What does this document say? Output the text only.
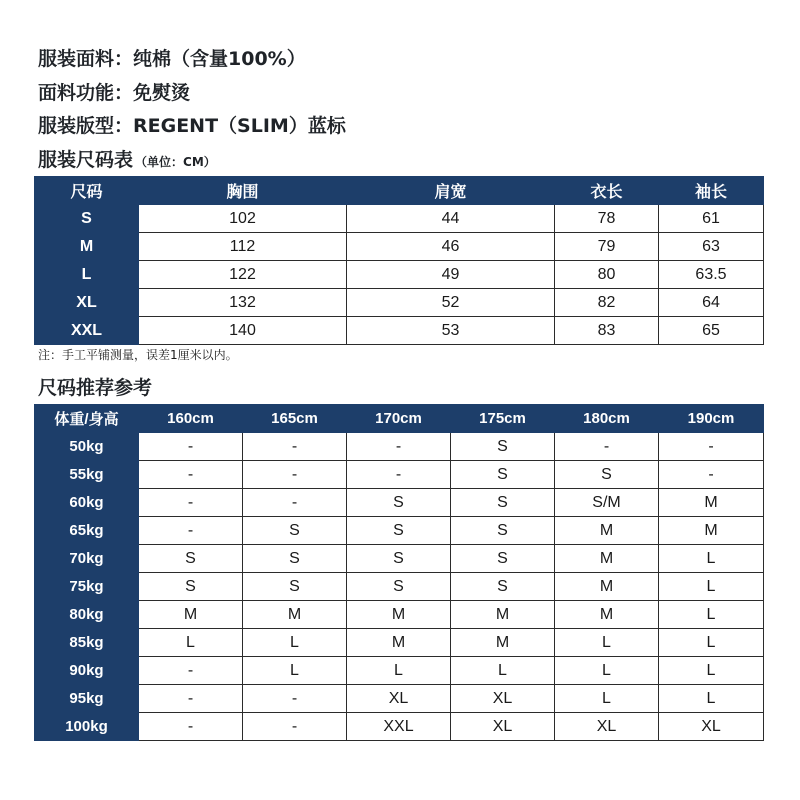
服装面料：纯棉（含量100%）
面料功能：免熨烫
服装版型：REGENT（SLIM）蓝标
服装尺码表 （单位：CM）
尺码	胸围	肩宽	衣长	袖长
S	102	44	78	61
M	112	46	79	63
L	122	49	80	63.5
XL	132	52	82	64
XXL	140	53	83	65
注：手工平铺测量，误差1厘米以内。
尺码推荐参考
体重/身高	160cm	165cm	170cm	175cm	180cm	190cm
50kg	-	-	-	S	-	-
55kg	-	-	-	S	S	-
60kg	-	-	S	S	S/M	M
65kg	-	S	S	S	M	M
70kg	S	S	S	S	M	L
75kg	S	S	S	S	M	L
80kg	M	M	M	M	M	L
85kg	L	L	M	M	L	L
90kg	-	L	L	L	L	L
95kg	-	-	XL	XL	L	L
100kg	-	-	XXL	XL	XL	XL
